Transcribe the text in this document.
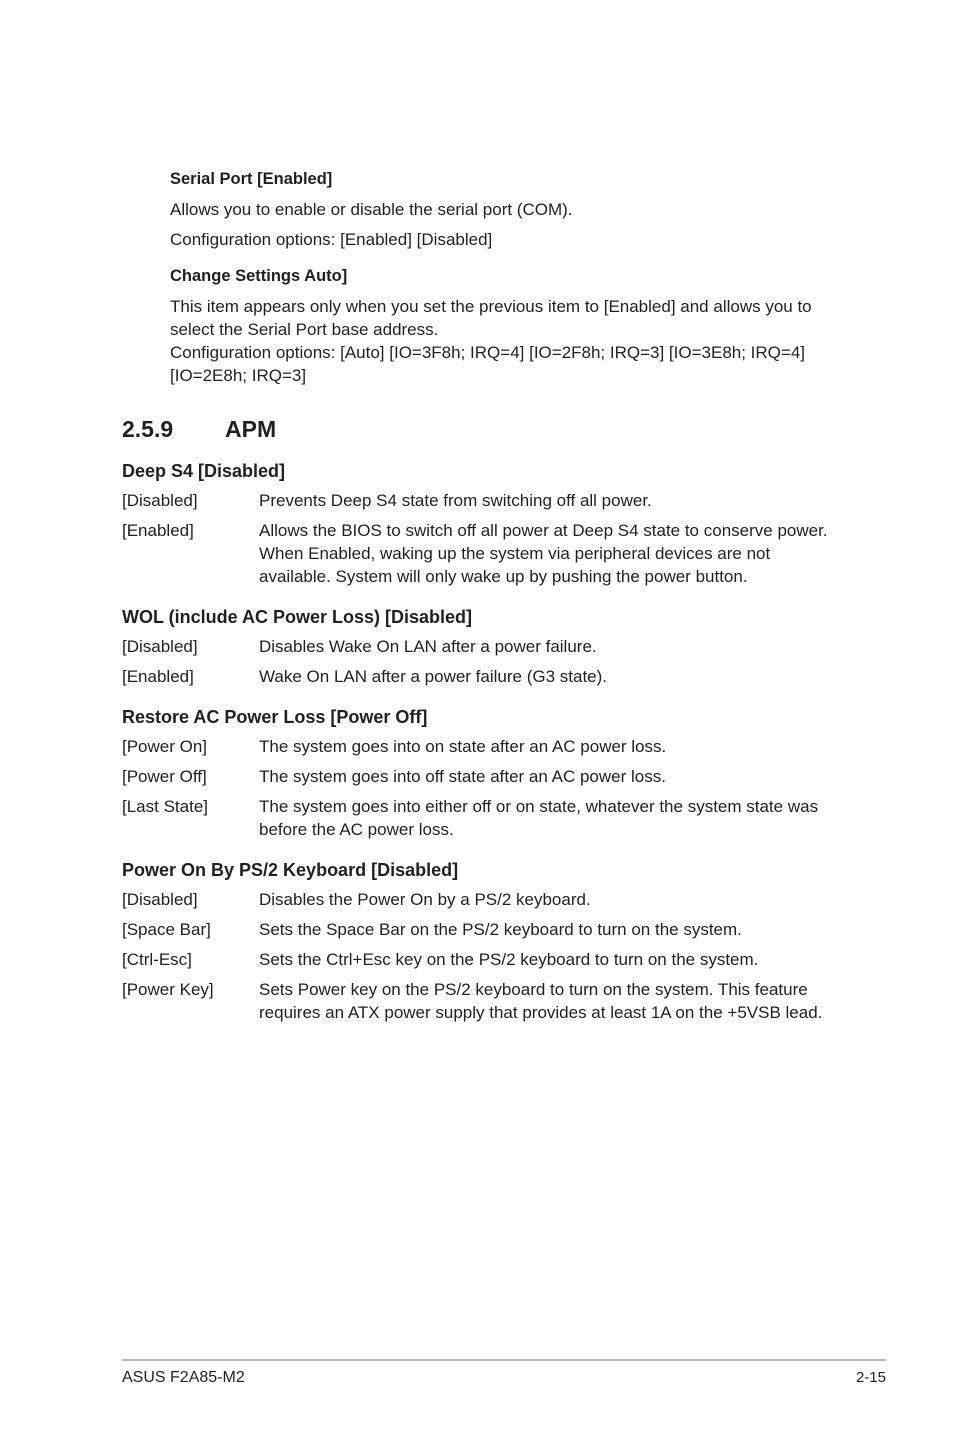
Serial Port [Enabled]

Allows you to enable or disable the serial port (COM).

Configuration options: [Enabled] [Disabled]

Change Settings Auto]

This item appears only when you set the previous item to [Enabled] and allows you to select the Serial Port base address.

Configuration options: [Auto] [IO=3F8h; IRQ=4] [IO=2F8h; IRQ=3] [IO=3E8h; IRQ=4] [IO=2E8h; IRQ=3]

2.5.9 APM
Deep S4 [Disabled]
[Disabled]	Prevents Deep S4 state from switching off all power.
[Enabled]	Allows the BIOS to switch off all power at Deep S4 state to conserve power. When Enabled, waking up the system via peripheral devices are not available. System will only wake up by pushing the power button.
WOL (include AC Power Loss) [Disabled]
[Disabled]	Disables Wake On LAN after a power failure.
[Enabled]	Wake On LAN after a power failure (G3 state).
Restore AC Power Loss [Power Off]
[Power On]	The system goes into on state after an AC power loss.
[Power Off]	The system goes into off state after an AC power loss.
[Last State]	The system goes into either off or on state, whatever the system state was before the AC power loss.
Power On By PS/2 Keyboard [Disabled]
[Disabled]	Disables the Power On by a PS/2 keyboard.
[Space Bar]	Sets the Space Bar on the PS/2 keyboard to turn on the system.
[Ctrl-Esc]	Sets the Ctrl+Esc key on the PS/2 keyboard to turn on the system.
[Power Key]	Sets Power key on the PS/2 keyboard to turn on the system. This feature requires an ATX power supply that provides at least 1A on the +5VSB lead.
ASUS F2A85-M2	2-15
